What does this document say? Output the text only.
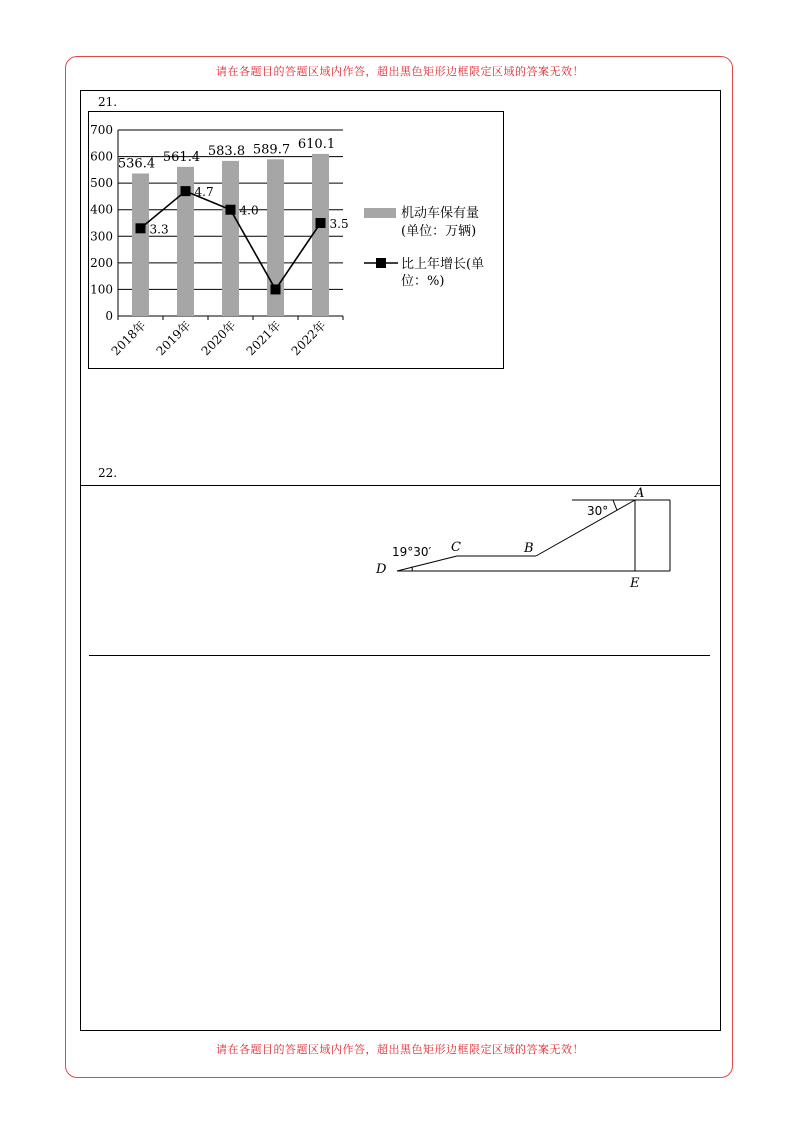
请在各题目的答题区域内作答，超出黑色矩形边框限定区域的答案无效！
21.
0
100
200
300
400
500
600
700
2018年 2019年 2020年 2021年 2022年
536.4 561.4 583.8 589.7 610.1
3.3
4.7
4.0
3.5
机动车保有量
(单位：万辆)
比上年增长(单
位：%)
22.
30°
19°30′
A
B
C
D
E
请在各题目的答题区域内作答，超出黑色矩形边框限定区域的答案无效！
